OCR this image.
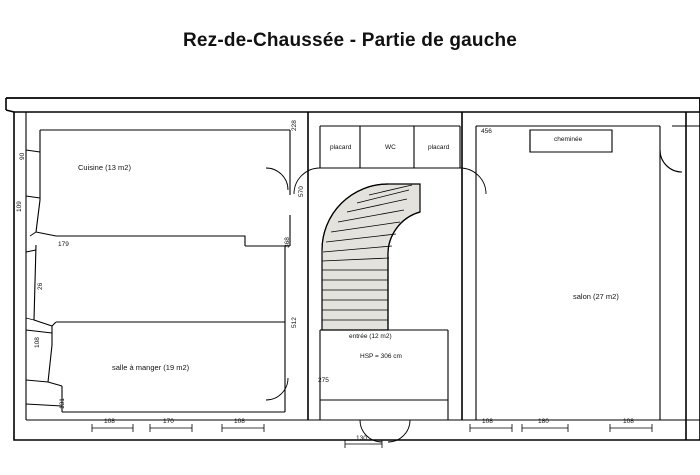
Rez-de-Chaussée - Partie de gauche
Cuisine (13 m2)
salle à manger (19 m2)
placard	WC	placard
cheminée
salon (27 m2)
HSP = 306 cm
entrée (12 m2)
228
90
109
179
26
108
131
570
368
512
275
456
108	170	108
130
108	180	108
